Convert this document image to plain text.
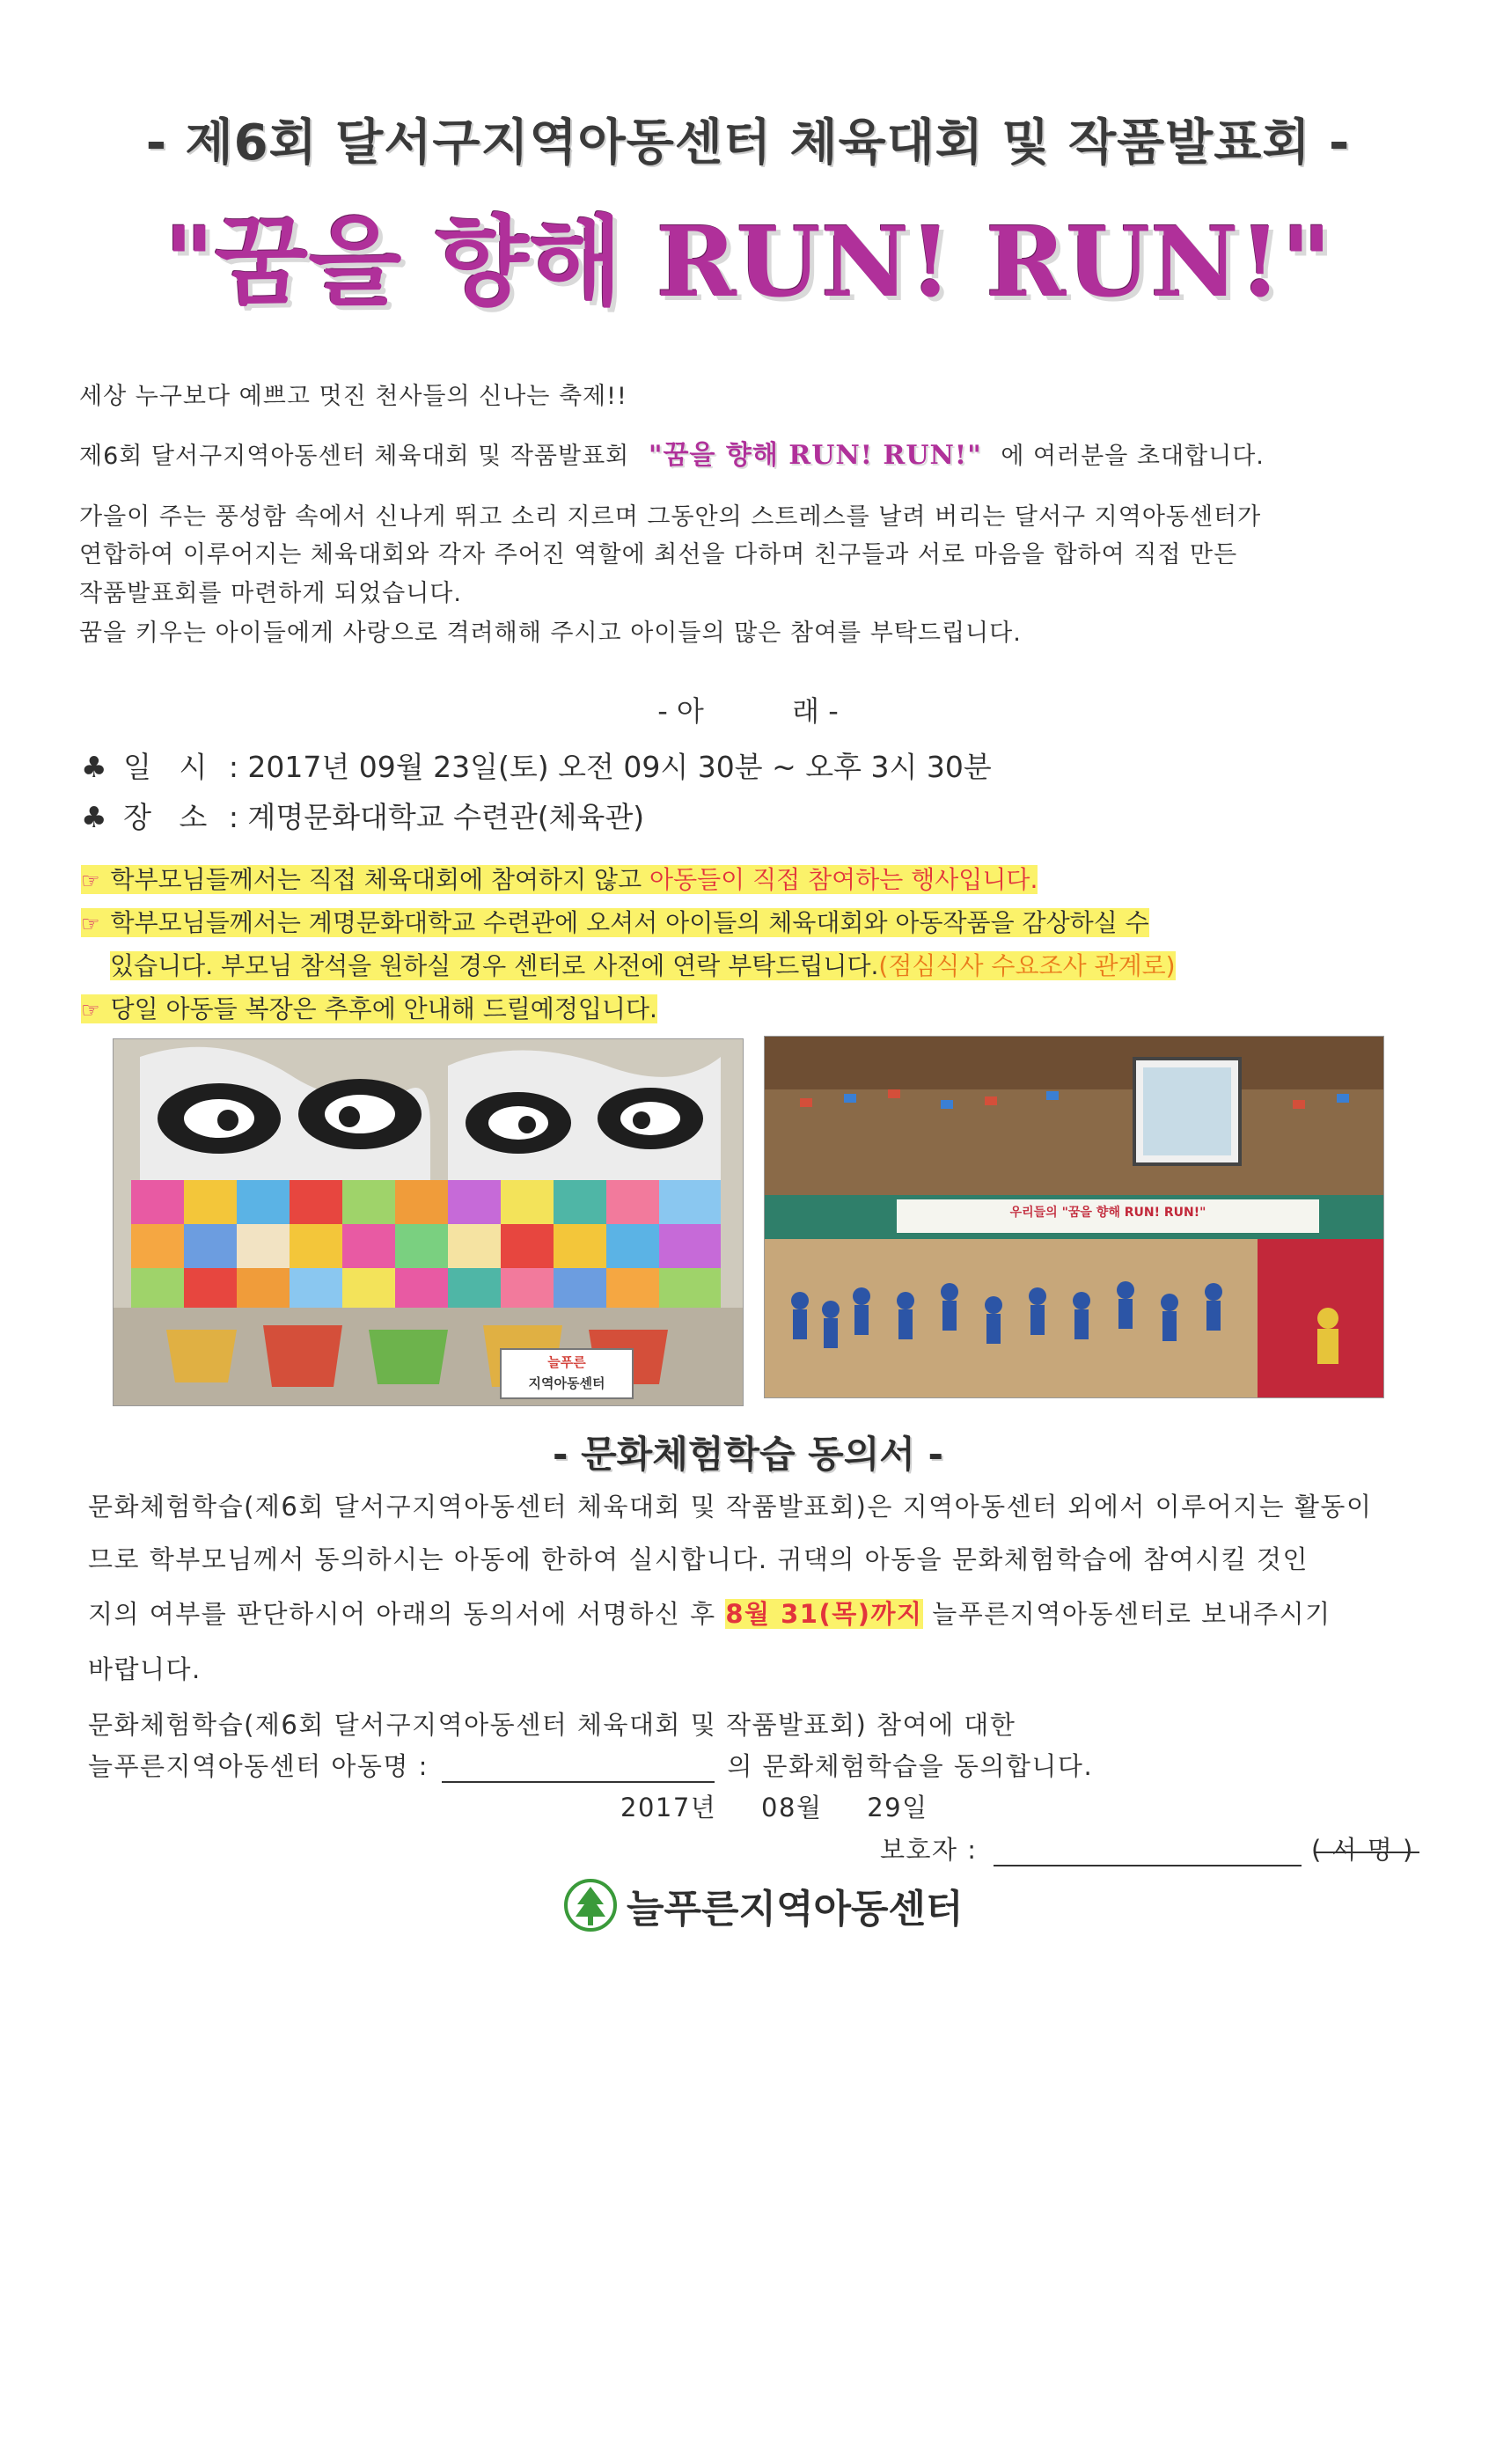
- 제6회 달서구지역아동센터 체육대회 및 작품발표회 -
"꿈을 향해 RUN! RUN!"
세상 누구보다 예쁘고 멋진 천사들의 신나는 축제!!
제6회 달서구지역아동센터 체육대회 및 작품발표회 "꿈을 향해 RUN! RUN!" 에 여러분을 초대합니다.
가을이 주는 풍성함 속에서 신나게 뛰고 소리 지르며 그동안의 스트레스를 날려 버리는 달서구 지역아동센터가
연합하여 이루어지는 체육대회와 각자 주어진 역할에 최선을 다하며 친구들과 서로 마음을 합하여 직접 만든
작품발표회를 마련하게 되었습니다.
꿈을 키우는 아이들에게 사랑으로 격려해해 주시고 아이들의 많은 참여를 부탁드립니다.
- 아	래 -
♣ 일   시 : 2017년 09월 23일(토) 오전 09시 30분 ~ 오후 3시 30분
♣ 장   소 : 계명문화대학교 수련관(체육관)
☞ 학부모님들께서는 직접 체육대회에 참여하지 않고 아동들이 직접 참여하는 행사입니다.
☞ 학부모님들께서는 계명문화대학교 수련관에 오셔서 아이들의 체육대회와 아동작품을 감상하실 수
있습니다. 부모님 참석을 원하실 경우 센터로 사전에 연락 부탁드립니다.(점심식사 수요조사 관계로)
☞ 당일 아동들 복장은 추후에 안내해 드릴예정입니다.
늘푸른
지역아동센터
우리들의 "꿈을 향해 RUN! RUN!"
- 문화체험학습 동의서 -
문화체험학습(제6회 달서구지역아동센터 체육대회 및 작품발표회)은 지역아동센터 외에서 이루어지는 활동이
므로 학부모님께서 동의하시는 아동에 한하여 실시합니다. 귀댁의 아동을 문화체험학습에 참여시킬 것인
지의 여부를 판단하시어 아래의 동의서에 서명하신 후 8월 31(목)까지 늘푸른지역아동센터로 보내주시기
바랍니다.
문화체험학습(제6회 달서구지역아동센터 체육대회 및 작품발표회) 참여에 대한
늘푸른지역아동센터 아동명 :	의 문화체험학습을 동의합니다.
2017년 08월 29일
보호자 :	( 서 명 )
늘푸른지역아동센터
